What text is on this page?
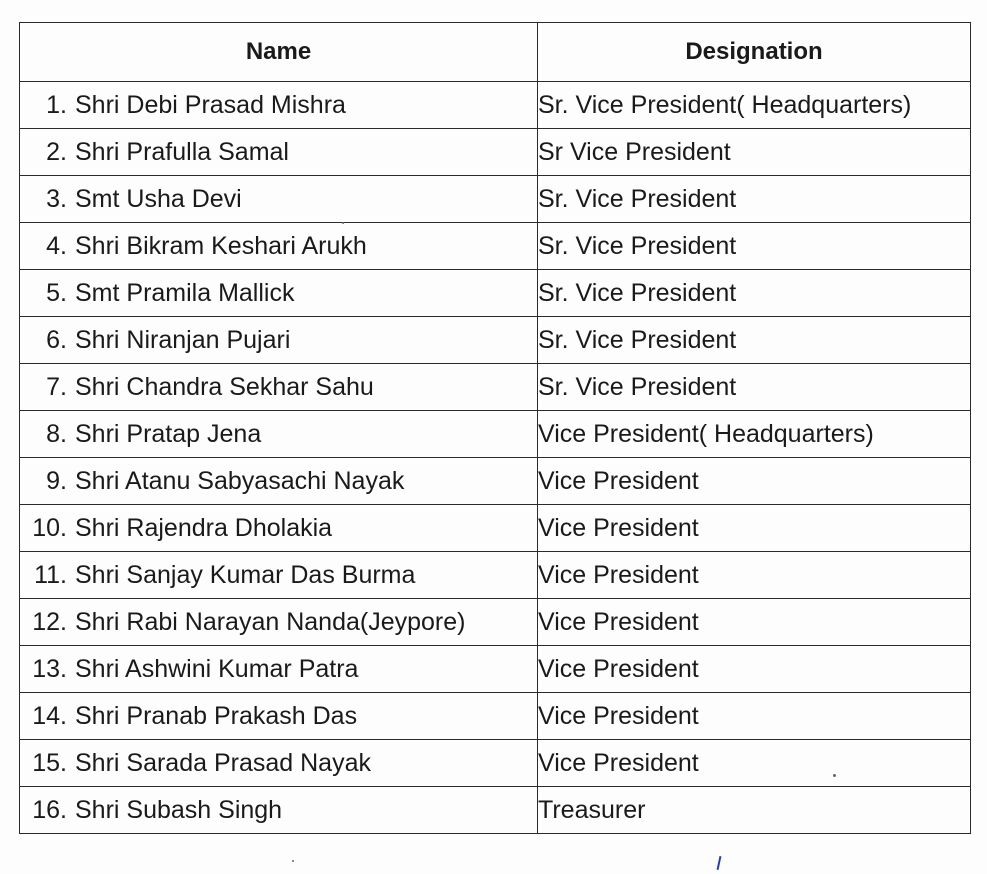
Name	Designation
1. Shri Debi Prasad Mishra	Sr. Vice President( Headquarters)
2. Shri Prafulla Samal	Sr Vice President
3. Smt Usha Devi	Sr. Vice President
4. Shri Bikram Keshari Arukh	Sr. Vice President
5. Smt Pramila Mallick	Sr. Vice President
6. Shri Niranjan Pujari	Sr. Vice President
7. Shri Chandra Sekhar Sahu	Sr. Vice President
8. Shri Pratap Jena	Vice President( Headquarters)
9. Shri Atanu Sabyasachi Nayak	Vice President
10. Shri Rajendra Dholakia	Vice President
11. Shri Sanjay Kumar Das Burma	Vice President
12. Shri Rabi Narayan Nanda(Jeypore)	Vice President
13. Shri Ashwini Kumar Patra	Vice President
14. Shri Pranab Prakash Das	Vice President
15. Shri Sarada Prasad Nayak	Vice President
16. Shri Subash Singh	Treasurer
